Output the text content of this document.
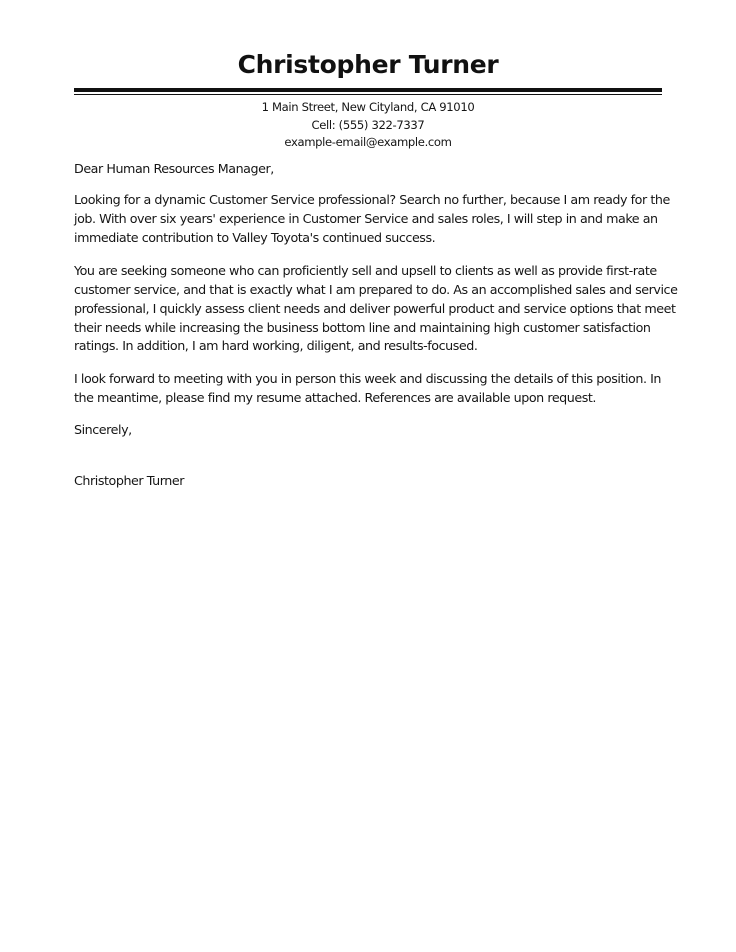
Christopher Turner
1 Main Street, New Cityland, CA 91010
Cell: (555) 322-7337
example-email@example.com
Dear Human Resources Manager,
Looking for a dynamic Customer Service professional? Search no further, because I am ready for the
job. With over six years' experience in Customer Service and sales roles, I will step in and make an
immediate contribution to Valley Toyota's continued success.
You are seeking someone who can proficiently sell and upsell to clients as well as provide first-rate
customer service, and that is exactly what I am prepared to do. As an accomplished sales and service
professional, I quickly assess client needs and deliver powerful product and service options that meet
their needs while increasing the business bottom line and maintaining high customer satisfaction
ratings. In addition, I am hard working, diligent, and results-focused.
I look forward to meeting with you in person this week and discussing the details of this position. In
the meantime, please find my resume attached. References are available upon request.
Sincerely,
Christopher Turner
